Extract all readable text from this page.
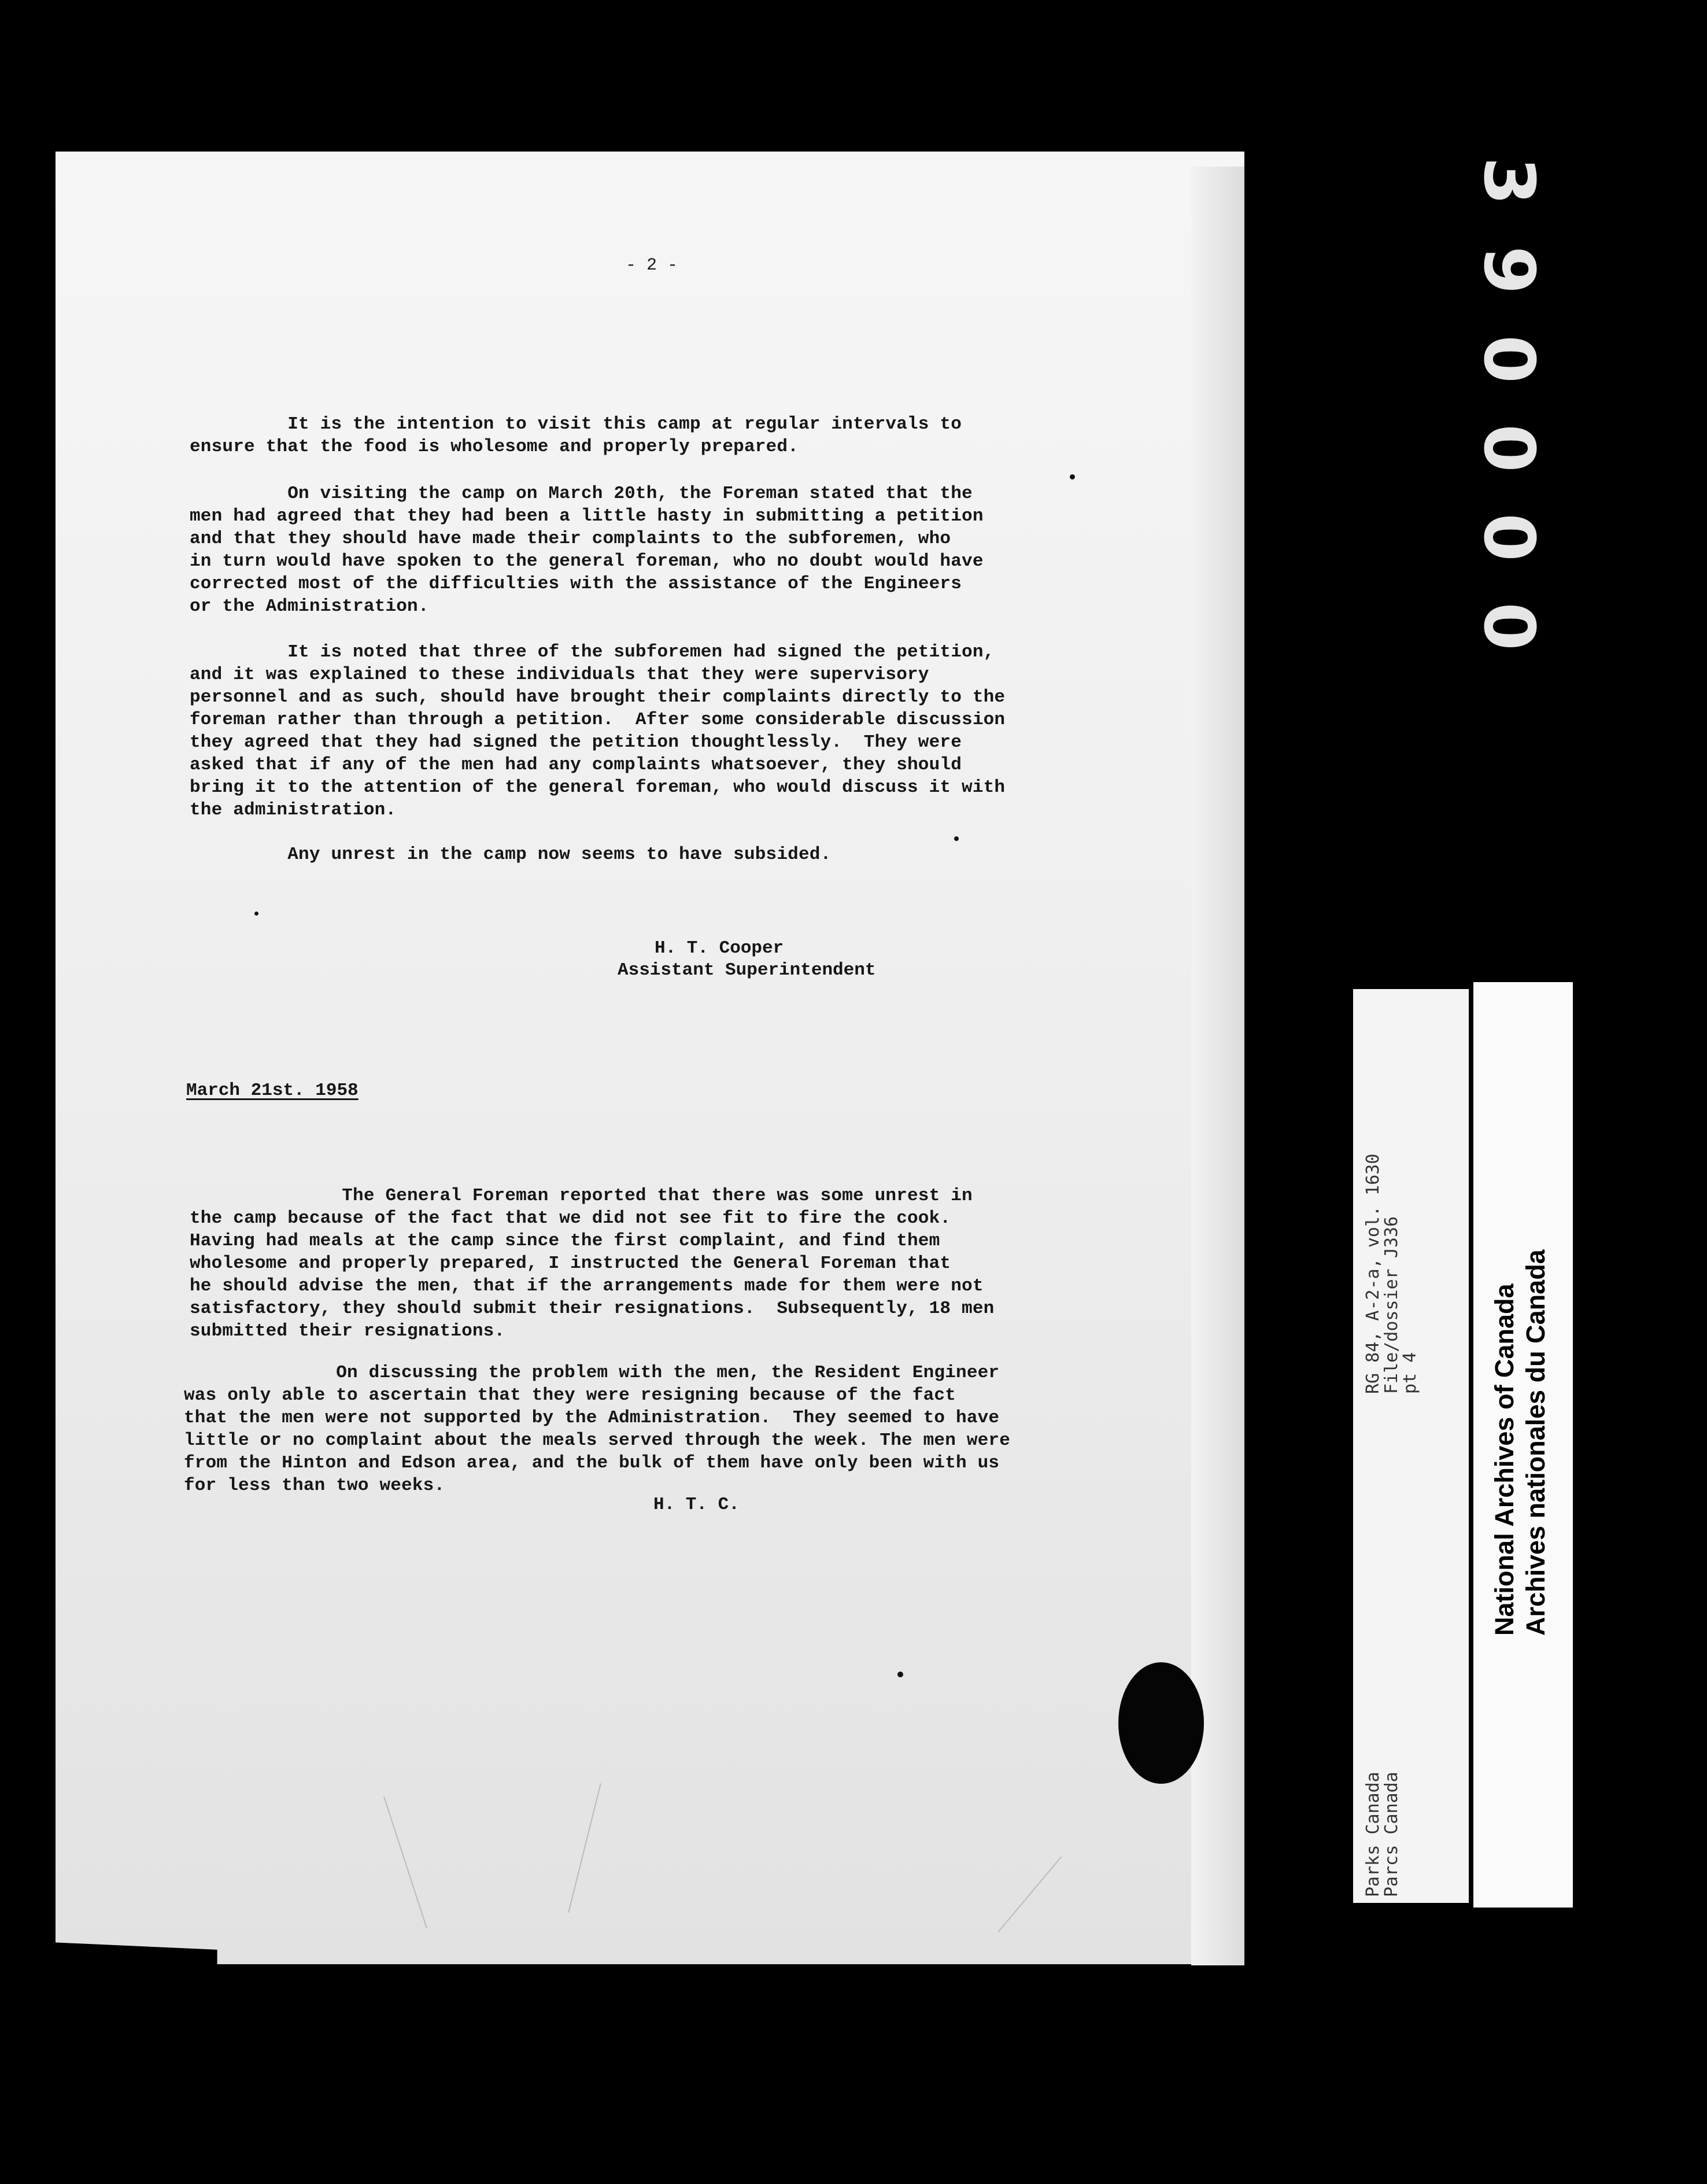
- 2 -

It is the intention to visit this camp at regular intervals to
ensure that the food is wholesome and properly prepared.

On visiting the camp on March 20th, the Foreman stated that the
men had agreed that they had been a little hasty in submitting a petition
and that they should have made their complaints to the subforemen, who
in turn would have spoken to the general foreman, who no doubt would have
corrected most of the difficulties with the assistance of the Engineers
or the Administration.

It is noted that three of the subforemen had signed the petition,
and it was explained to these individuals that they were supervisory
personnel and as such, should have brought their complaints directly to the
foreman rather than through a petition.  After some considerable discussion
they agreed that they had signed the petition thoughtlessly.  They were
asked that if any of the men had any complaints whatsoever, they should
bring it to the attention of the general foreman, who would discuss it with
the administration.

Any unrest in the camp now seems to have subsided.

H. T. Cooper
Assistant Superintendent
March 21st. 1958

The General Foreman reported that there was some unrest in
the camp because of the fact that we did not see fit to fire the cook.
Having had meals at the camp since the first complaint, and find them
wholesome and properly prepared, I instructed the General Foreman that
he should advise the men, that if the arrangements made for them were not
satisfactory, they should submit their resignations.  Subsequently, 18 men
submitted their resignations.

On discussing the problem with the men, the Resident Engineer
was only able to ascertain that they were resigning because of the fact
that the men were not supported by the Administration.  They seemed to have
little or no complaint about the meals served through the week. The men were
from the Hinton and Edson area, and the bulk of them have only been with us
for less than two weeks.

H. T. C.
3
9
0
0
0
0
RG 84, A-2-a, vol. 1630
File/dossier J336
pt 4
Parks Canada
Parcs Canada
National Archives of Canada Archives nationales du Canada
